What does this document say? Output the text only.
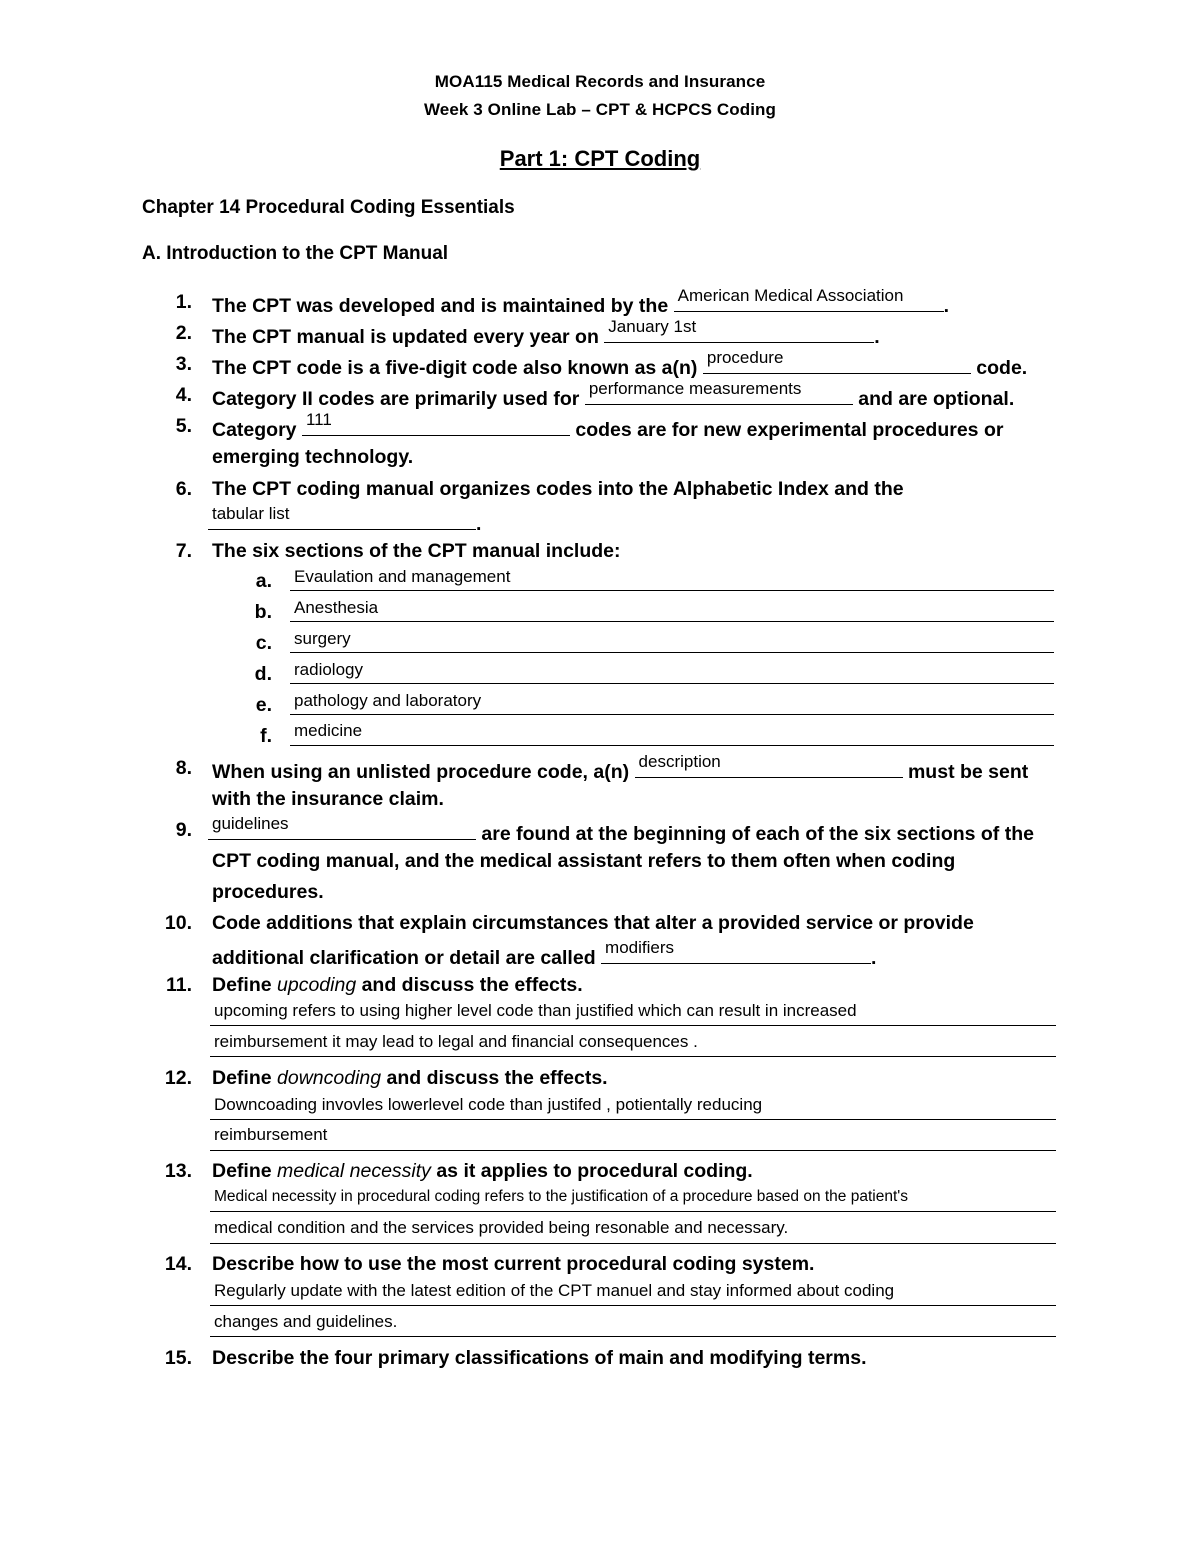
MOA115 Medical Records and Insurance
Week 3 Online Lab – CPT & HCPCS Coding
Part 1: CPT Coding
Chapter 14 Procedural Coding Essentials
A. Introduction to the CPT Manual
1. The CPT was developed and is maintained by the American Medical Association .
2. The CPT manual is updated every year on January 1st	.
3. The CPT code is a five-digit code also known as a(n) procedure	code.
4. Category II codes are primarily used for performance measurements	and are optional.
5. Category 111	codes are for new experimental procedures or
emerging technology.
6. The CPT coding manual organizes codes into the Alphabetic Index and the
tabular list	.
7. The six sections of the CPT manual include:
a. Evaulation and management
b. Anesthesia
c. surgery
d. radiology
e. pathology and laboratory
f. medicine
8. When using an unlisted procedure code, a(n) description	must be sent
with the insurance claim.
9. guidelines	are found at the beginning of each of the six sections of the
CPT coding manual, and the medical assistant refers to them often when coding
procedures.
10. Code additions that explain circumstances that alter a provided service or provide
additional clarification or detail are called modifiers	.
11. Define upcoding and discuss the effects.
upcoming refers to using higher level code than justified which can result in increased
reimbursement it may lead to legal and financial consequences .
12. Define downcoding and discuss the effects.
Downcoading invovles lowerlevel code than justifed , potientally reducing
reimbursement
13. Define medical necessity as it applies to procedural coding.
Medical necessity in procedural coding refers to the justification of a procedure based on the patient's
medical condition and the services provided being resonable and necessary.
14. Describe how to use the most current procedural coding system.
Regularly update with the latest edition of the CPT manuel and stay informed about coding
changes and guidelines.
15. Describe the four primary classifications of main and modifying terms.
